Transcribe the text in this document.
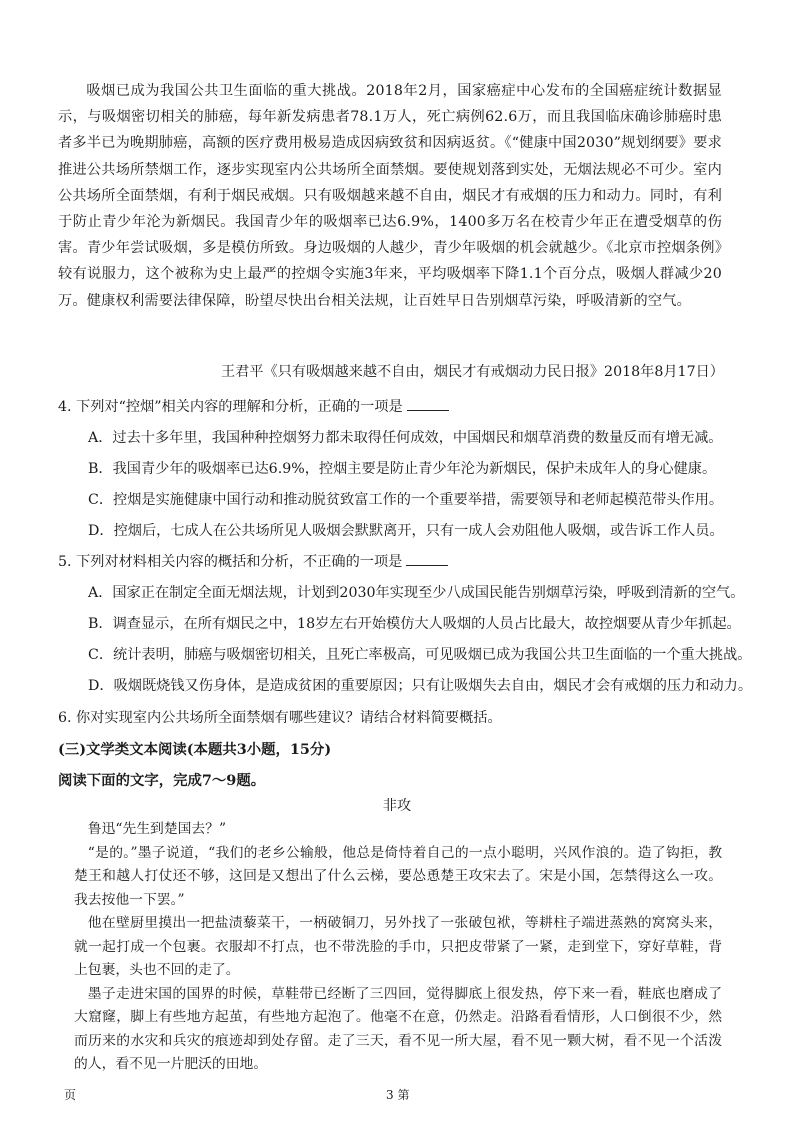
吸烟已成为我国公共卫生面临的重大挑战。2018年2月，国家癌症中心发布的全国癌症统计数据显示，与吸烟密切相关的肺癌，每年新发病患者78.1万人，死亡病例62.6万，而且我国临床确诊肺癌时患者多半已为晚期肺癌，高额的医疗费用极易造成因病致贫和因病返贫。《“健康中国2030”规划纲要》要求推进公共场所禁烟工作，逐步实现室内公共场所全面禁烟。要使规划落到实处，无烟法规必不可少。室内公共场所全面禁烟，有利于烟民戒烟。只有吸烟越来越不自由，烟民才有戒烟的压力和动力。同时，有利于防止青少年沦为新烟民。我国青少年的吸烟率已达6.9%，1400多万名在校青少年正在遭受烟草的伤害。青少年尝试吸烟，多是模仿所致。身边吸烟的人越少，青少年吸烟的机会就越少。《北京市控烟条例》较有说服力，这个被称为史上最严的控烟令实施3年来，平均吸烟率下降1.1个百分点，吸烟人群减少20万。健康权利需要法律保障，盼望尽快出台相关法规，让百姓早日告别烟草污染，呼吸清新的空气。
王君平《只有吸烟越来越不自由，烟民才有戒烟动力民日报》2018年8月17日）
4. 下列对“控烟”相关内容的理解和分析，正确的一项是
A．过去十多年里，我国种种控烟努力都未取得任何成效，中国烟民和烟草消费的数量反而有增无减。
B．我国青少年的吸烟率已达6.9%，控烟主要是防止青少年沦为新烟民，保护未成年人的身心健康。
C．控烟是实施健康中国行动和推动脱贫致富工作的一个重要举措，需要领导和老师起模范带头作用。
D．控烟后，七成人在公共场所见人吸烟会默默离开，只有一成人会劝阻他人吸烟，或告诉工作人员。
5. 下列对材料相关内容的概括和分析，不正确的一项是
A．国家正在制定全面无烟法规，计划到2030年实现至少八成国民能告别烟草污染，呼吸到清新的空气。
B．调查显示，在所有烟民之中，18岁左右开始模仿大人吸烟的人员占比最大，故控烟要从青少年抓起。
C．统计表明，肺癌与吸烟密切相关，且死亡率极高，可见吸烟已成为我国公共卫生面临的一个重大挑战。
D．吸烟既烧钱又伤身体，是造成贫困的重要原因；只有让吸烟失去自由，烟民才会有戒烟的压力和动力。
6. 你对实现室内公共场所全面禁烟有哪些建议？请结合材料简要概括。
(三)文学类文本阅读(本题共3小题，15分)
阅读下面的文字，完成7～9题。
非攻

鲁迅“先生到楚国去？”

“是的。”墨子说道，“我们的老乡公输般，他总是倚恃着自己的一点小聪明，兴风作浪的。造了钩拒，教楚王和越人打仗还不够，这回是又想出了什么云梯，要怂恿楚王攻宋去了。宋是小国，怎禁得这么一攻。我去按他一下罢。”

他在壁厨里摸出一把盐渍藜菜干，一柄破铜刀，另外找了一张破包袱，等耕柱子端进蒸熟的窝窝头来，就一起打成一个包裹。衣服却不打点，也不带洗脸的手巾，只把皮带紧了一紧，走到堂下，穿好草鞋，背上包裹，头也不回的走了。

墨子走进宋国的国界的时候，草鞋带已经断了三四回，觉得脚底上很发热，停下来一看，鞋底也磨成了大窟窿，脚上有些地方起茧，有些地方起泡了。他毫不在意，仍然走。沿路看看情形，人口倒很不少，然而历来的水灾和兵灾的痕迹却到处存留。走了三天，看不见一所大屋，看不见一颗大树，看不见一个活泼的人，看不见一片肥沃的田地。

页	3 第
